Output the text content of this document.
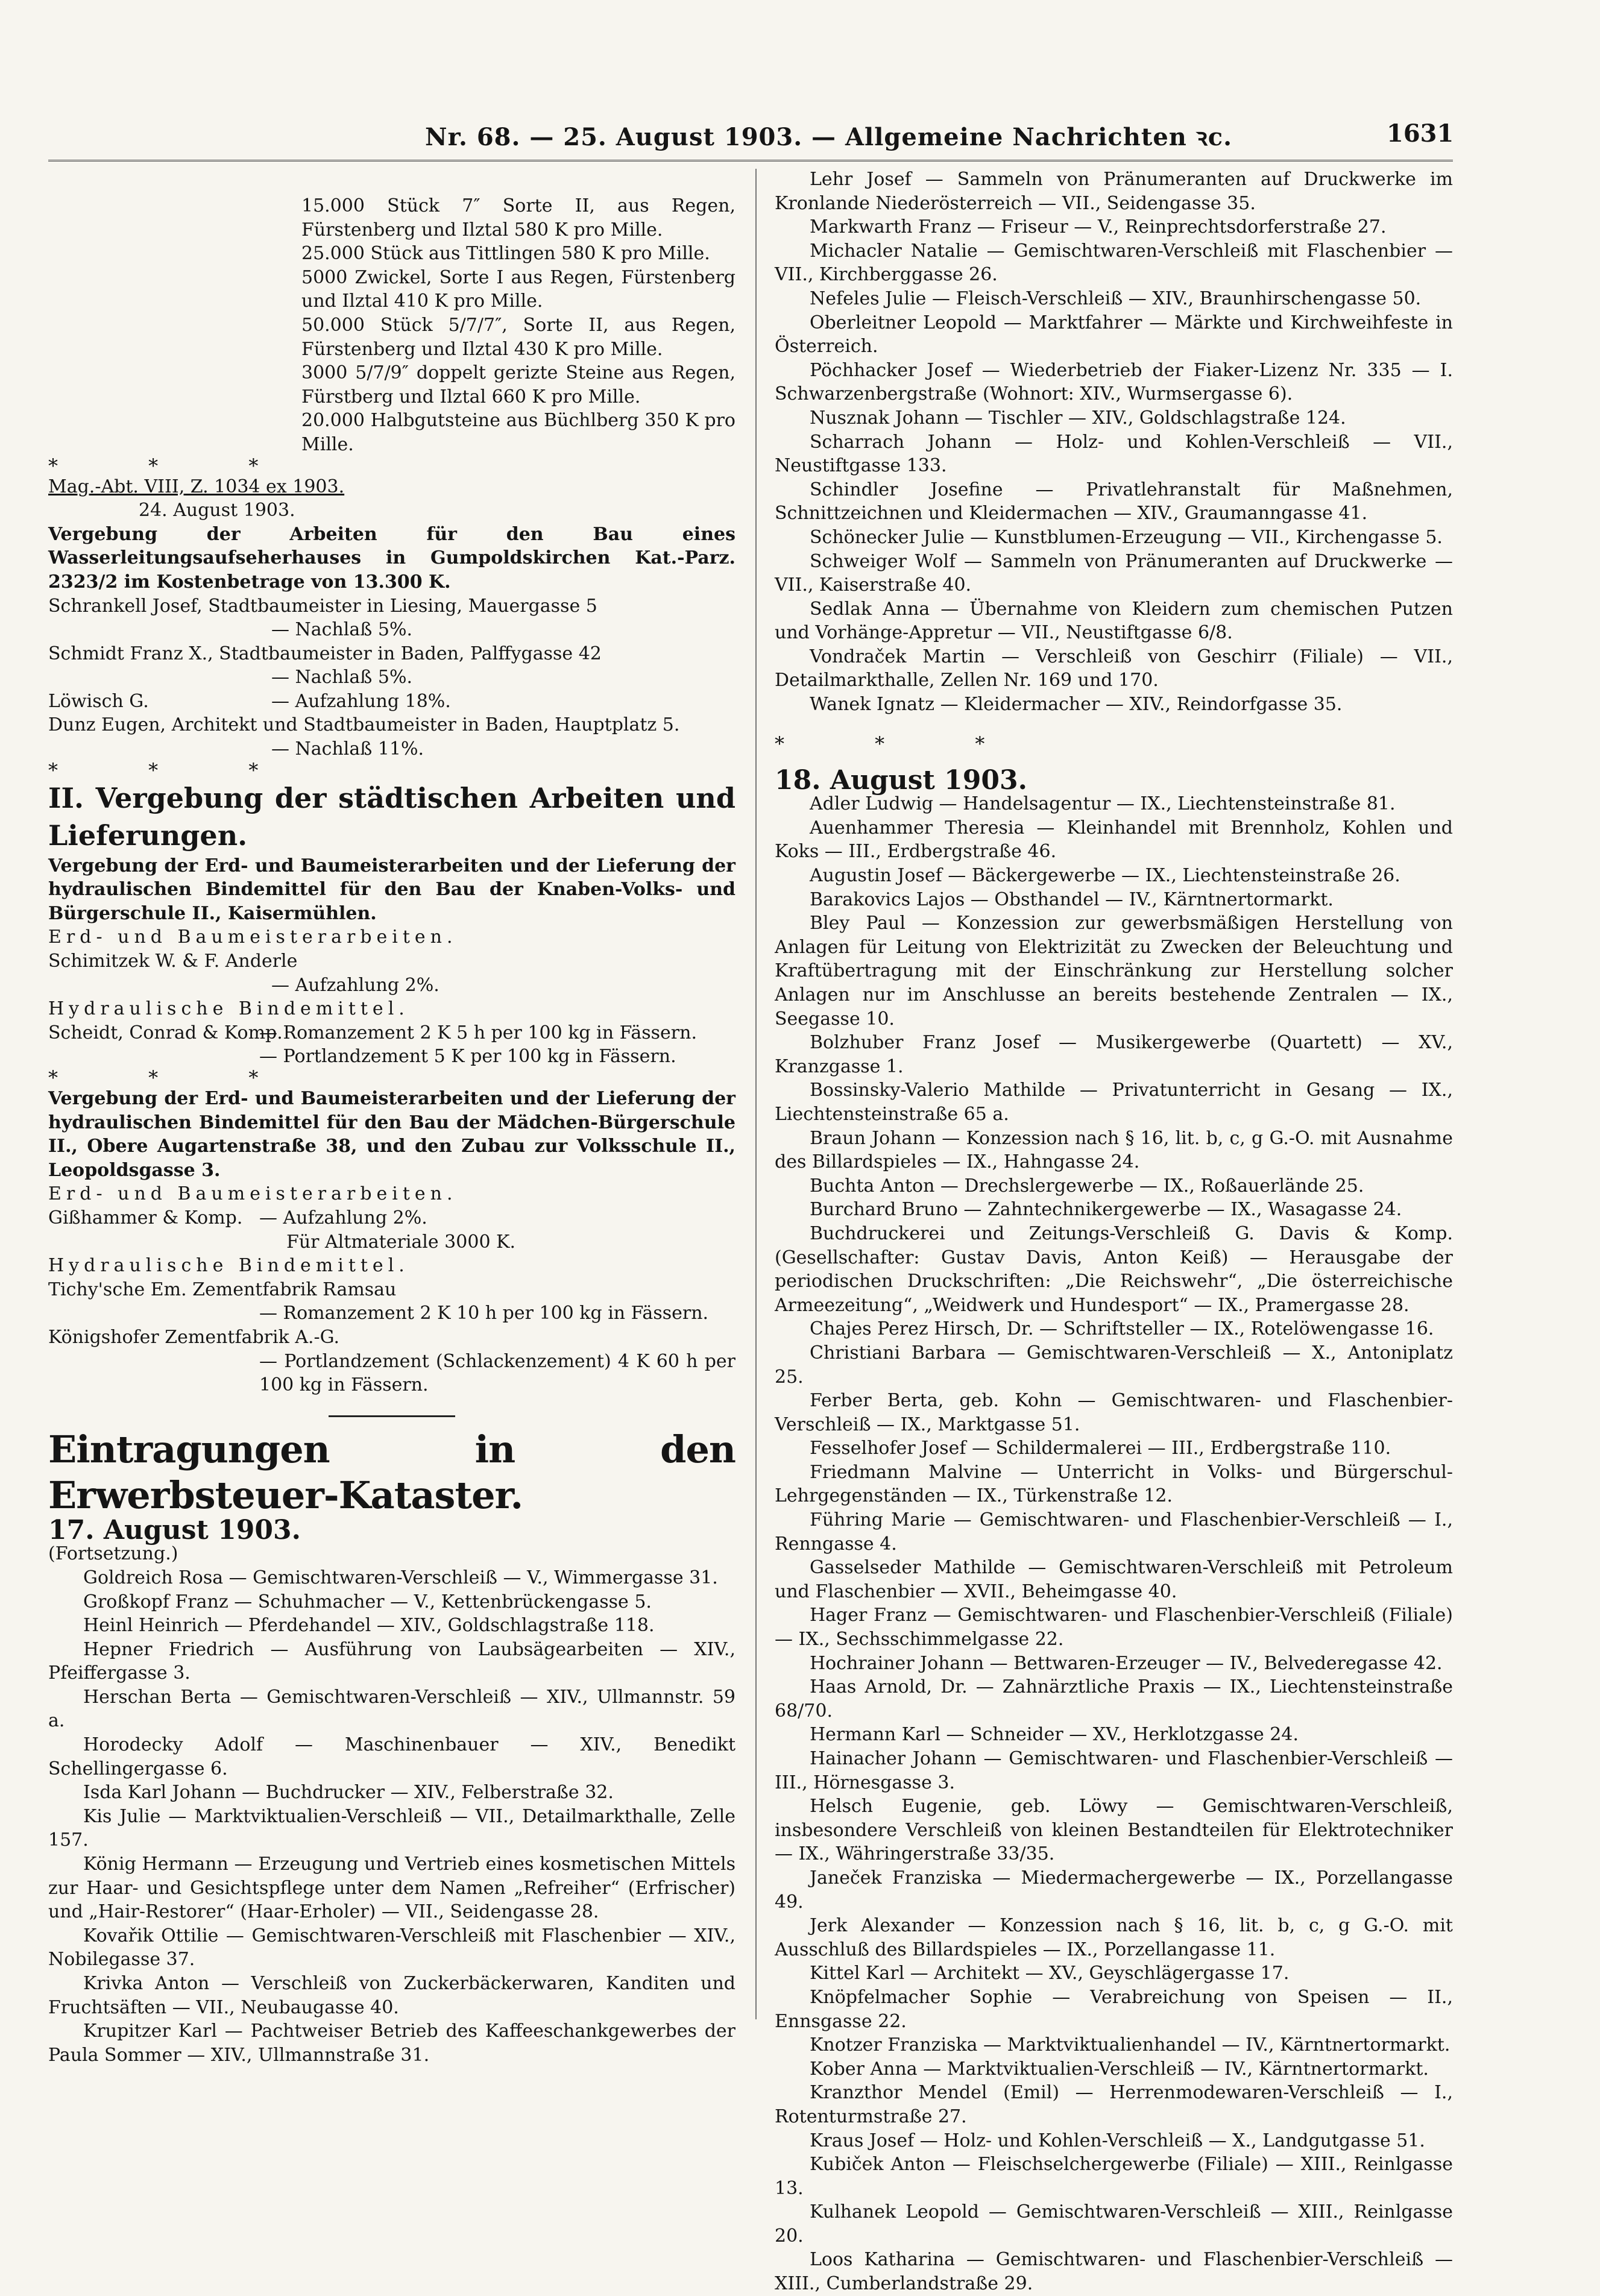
Nr. 68. — 25. August 1903. — Allgemeine Nachrichten ꝛc.	1631

15.000 Stück 7″ Sorte II, aus Regen, Fürstenberg und Ilztal 580 K pro Mille.

25.000 Stück aus Tittlingen 580 K pro Mille.

5000 Zwickel, Sorte I aus Regen, Fürstenberg und Ilztal 410 K pro Mille.

50.000 Stück 5/7/7″, Sorte II, aus Regen, Fürstenberg und Ilztal 430 K pro Mille.

3000 5/7/9″ doppelt gerizte Steine aus Regen, Fürstberg und Ilztal 660 K pro Mille.

20.000 Halbgutsteine aus Büchlberg 350 K pro Mille.

* * *

Mag.-Abt. VIII, Z. 1034 ex 1903.

24. August 1903.

Vergebung der Arbeiten für den Bau eines Wasserleitungsaufseherhauses in Gumpoldskirchen Kat.-Parz. 2323/2 im Kostenbetrage von 13.300 K.

Schrankell Josef, Stadtbaumeister in Liesing, Mauergasse 5

— Nachlaß 5%.

Schmidt Franz X., Stadtbaumeister in Baden, Palffygasse 42

— Nachlaß 5%.

Löwisch G.	— Aufzahlung 18%.

Dunz Eugen, Architekt und Stadtbaumeister in Baden, Hauptplatz 5.

— Nachlaß 11%.

* * *

II. Vergebung der städtischen Arbeiten und Lieferungen.

Vergebung der Erd- und Baumeisterarbeiten und der Lieferung der hydraulischen Bindemittel für den Bau der Knaben-Volks- und Bürgerschule II., Kaisermühlen.

Erd- und Baumeisterarbeiten.

Schimitzek W. & F. Anderle

— Aufzahlung 2%.

Hydraulische Bindemittel.

Scheidt, Conrad & Komp.

— Romanzement 2 K 5 h per 100 kg in Fässern.

— Portlandzement 5 K per 100 kg in Fässern.

* * *

Vergebung der Erd- und Baumeisterarbeiten und der Lieferung der hydraulischen Bindemittel für den Bau der Mädchen-Bürgerschule II., Obere Augartenstraße 38, und den Zubau zur Volksschule II., Leopoldsgasse 3.

Erd- und Baumeisterarbeiten.

Gißhammer & Komp. — Aufzahlung 2%.

Für Altmateriale 3000 K.

Hydraulische Bindemittel.

Tichy'sche Em. Zementfabrik Ramsau

— Romanzement 2 K 10 h per 100 kg in Fässern.

Königshofer Zementfabrik A.-G.

— Portlandzement (Schlackenzement) 4 K 60 h per 100 kg in Fässern.

Eintragungen in den Erwerbsteuer-Kataster.

17. August 1903.

(Fortsetzung.)

Goldreich Rosa — Gemischtwaren-Verschleiß — V., Wimmergasse 31.

Großkopf Franz — Schuhmacher — V., Kettenbrückengasse 5.

Heinl Heinrich — Pferdehandel — XIV., Goldschlagstraße 118.

Hepner Friedrich — Ausführung von Laubsägearbeiten — XIV., Pfeiffergasse 3.

Herschan Berta — Gemischtwaren-Verschleiß — XIV., Ullmannstr. 59 a.

Horodecky Adolf — Maschinenbauer — XIV., Benedikt Schellingergasse 6.

Isda Karl Johann — Buchdrucker — XIV., Felberstraße 32.

Kis Julie — Marktviktualien-Verschleiß — VII., Detailmarkthalle, Zelle 157.

König Hermann — Erzeugung und Vertrieb eines kosmetischen Mittels zur Haar- und Gesichtspflege unter dem Namen „Refreiher“ (Erfrischer) und „Hair-Restorer“ (Haar-Erholer) — VII., Seidengasse 28.

Kovařik Ottilie — Gemischtwaren-Verschleiß mit Flaschenbier — XIV., Nobilegasse 37.

Krivka Anton — Verschleiß von Zuckerbäckerwaren, Kanditen und Fruchtsäften — VII., Neubaugasse 40.

Krupitzer Karl — Pachtweiser Betrieb des Kaffeeschankgewerbes der Paula Sommer — XIV., Ullmannstraße 31.

Lehr Josef — Sammeln von Pränumeranten auf Druckwerke im Kronlande Niederösterreich — VII., Seidengasse 35.

Markwarth Franz — Friseur — V., Reinprechtsdorferstraße 27.

Michacler Natalie — Gemischtwaren-Verschleiß mit Flaschenbier — VII., Kirchberggasse 26.

Nefeles Julie — Fleisch-Verschleiß — XIV., Braunhirschengasse 50.

Oberleitner Leopold — Marktfahrer — Märkte und Kirchweihfeste in Österreich.

Pöchhacker Josef — Wiederbetrieb der Fiaker-Lizenz Nr. 335 — I. Schwarzenbergstraße (Wohnort: XIV., Wurmsergasse 6).

Nusznak Johann — Tischler — XIV., Goldschlagstraße 124.

Scharrach Johann — Holz- und Kohlen-Verschleiß — VII., Neustiftgasse 133.

Schindler Josefine — Privatlehranstalt für Maßnehmen, Schnittzeichnen und Kleidermachen — XIV., Graumanngasse 41.

Schönecker Julie — Kunstblumen-Erzeugung — VII., Kirchengasse 5.

Schweiger Wolf — Sammeln von Pränumeranten auf Druckwerke — VII., Kaiserstraße 40.

Sedlak Anna — Übernahme von Kleidern zum chemischen Putzen und Vorhänge-Appretur — VII., Neustiftgasse 6/8.

Vondraček Martin — Verschleiß von Geschirr (Filiale) — VII., Detailmarkthalle, Zellen Nr. 169 und 170.

Wanek Ignatz — Kleidermacher — XIV., Reindorfgasse 35.

* * *

18. August 1903.

Adler Ludwig — Handelsagentur — IX., Liechtensteinstraße 81.

Auenhammer Theresia — Kleinhandel mit Brennholz, Kohlen und Koks — III., Erdbergstraße 46.

Augustin Josef — Bäckergewerbe — IX., Liechtensteinstraße 26.

Barakovics Lajos — Obsthandel — IV., Kärntnertormarkt.

Bley Paul — Konzession zur gewerbsmäßigen Herstellung von Anlagen für Leitung von Elektrizität zu Zwecken der Beleuchtung und Kraftübertragung mit der Einschränkung zur Herstellung solcher Anlagen nur im Anschlusse an bereits bestehende Zentralen — IX., Seegasse 10.

Bolzhuber Franz Josef — Musikergewerbe (Quartett) — XV., Kranzgasse 1.

Bossinsky-Valerio Mathilde — Privatunterricht in Gesang — IX., Liechtensteinstraße 65 a.

Braun Johann — Konzession nach § 16, lit. b, c, g G.-O. mit Ausnahme des Billardspieles — IX., Hahngasse 24.

Buchta Anton — Drechslergewerbe — IX., Roßauerlände 25.

Burchard Bruno — Zahntechnikergewerbe — IX., Wasagasse 24.

Buchdruckerei und Zeitungs-Verschleiß G. Davis & Komp. (Gesellschafter: Gustav Davis, Anton Keiß) — Herausgabe der periodischen Druckschriften: „Die Reichswehr“, „Die österreichische Armeezeitung“, „Weidwerk und Hundesport“ — IX., Pramergasse 28.

Chajes Perez Hirsch, Dr. — Schriftsteller — IX., Rotelöwengasse 16.

Christiani Barbara — Gemischtwaren-Verschleiß — X., Antoniplatz 25.

Ferber Berta, geb. Kohn — Gemischtwaren- und Flaschenbier-Verschleiß — IX., Marktgasse 51.

Fesselhofer Josef — Schildermalerei — III., Erdbergstraße 110.

Friedmann Malvine — Unterricht in Volks- und Bürgerschul-Lehrgegenständen — IX., Türkenstraße 12.

Führing Marie — Gemischtwaren- und Flaschenbier-Verschleiß — I., Renngasse 4.

Gasselseder Mathilde — Gemischtwaren-Verschleiß mit Petroleum und Flaschenbier — XVII., Beheimgasse 40.

Hager Franz — Gemischtwaren- und Flaschenbier-Verschleiß (Filiale) — IX., Sechsschimmelgasse 22.

Hochrainer Johann — Bettwaren-Erzeuger — IV., Belvederegasse 42.

Haas Arnold, Dr. — Zahnärztliche Praxis — IX., Liechtensteinstraße 68/70.

Hermann Karl — Schneider — XV., Herklotzgasse 24.

Hainacher Johann — Gemischtwaren- und Flaschenbier-Verschleiß — III., Hörnesgasse 3.

Helsch Eugenie, geb. Löwy — Gemischtwaren-Verschleiß, insbesondere Verschleiß von kleinen Bestandteilen für Elektrotechniker — IX., Währingerstraße 33/35.

Janeček Franziska — Miedermachergewerbe — IX., Porzellangasse 49.

Jerk Alexander — Konzession nach § 16, lit. b, c, g G.-O. mit Ausschluß des Billardspieles — IX., Porzellangasse 11.

Kittel Karl — Architekt — XV., Geyschlägergasse 17.

Knöpfelmacher Sophie — Verabreichung von Speisen — II., Ennsgasse 22.

Knotzer Franziska — Marktviktualienhandel — IV., Kärntnertormarkt.

Kober Anna — Marktviktualien-Verschleiß — IV., Kärntnertormarkt.

Kranzthor Mendel (Emil) — Herrenmodewaren-Verschleiß — I., Rotenturmstraße 27.

Kraus Josef — Holz- und Kohlen-Verschleiß — X., Landgutgasse 51.

Kubiček Anton — Fleischselchergewerbe (Filiale) — XIII., Reinlgasse 13.

Kulhanek Leopold — Gemischtwaren-Verschleiß — XIII., Reinlgasse 20.

Loos Katharina — Gemischtwaren- und Flaschenbier-Verschleiß — XIII., Cumberlandstraße 29.
